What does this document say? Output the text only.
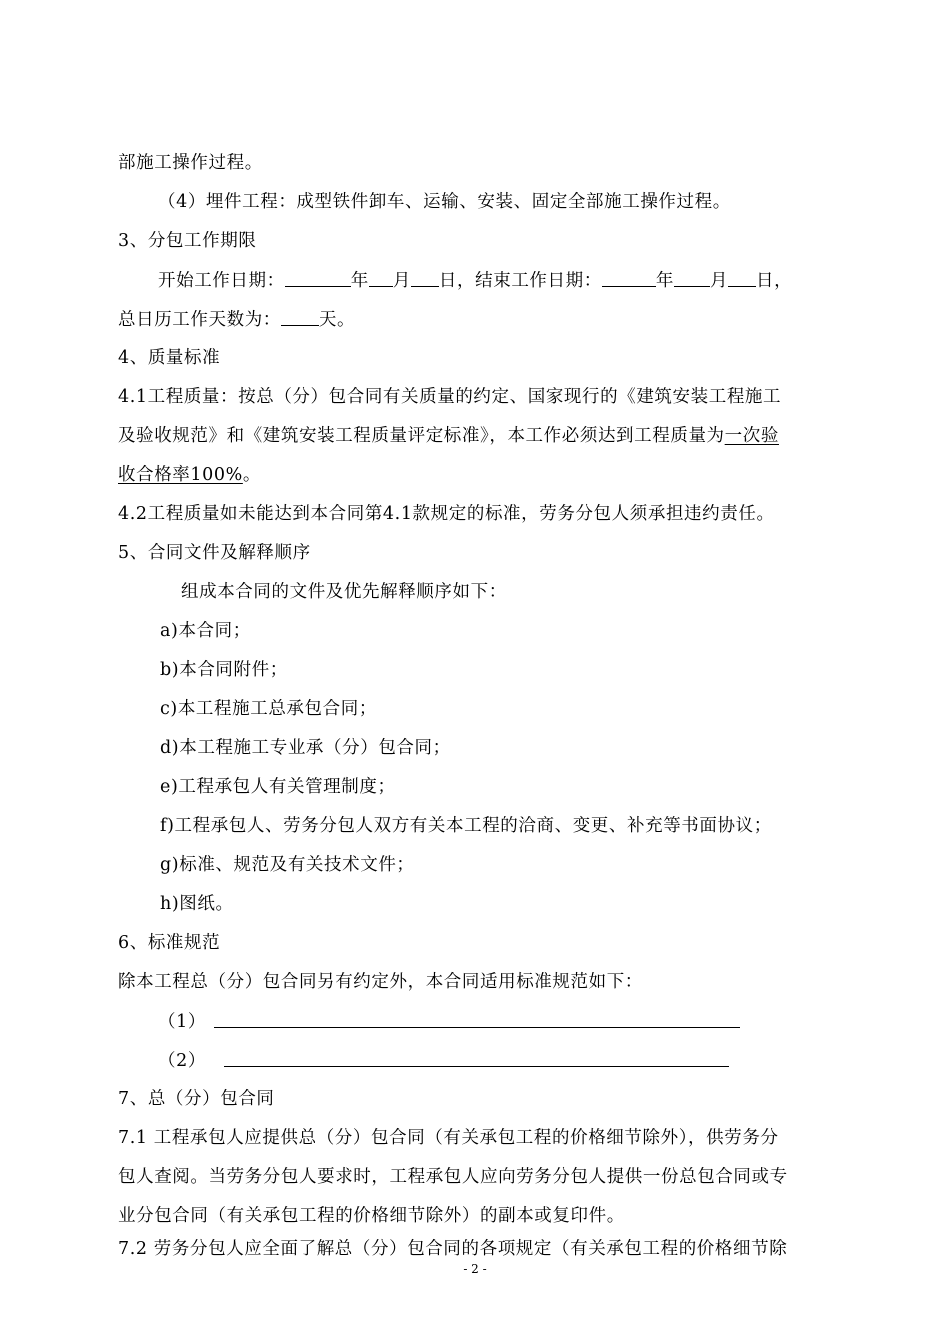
部施工操作过程。
（4）埋件工程：成型铁件卸车、运输、安装、固定全部施工操作过程。
3、分包工作期限
开始工作日期：	年 月 日，结束工作日期：	年 月 日，
总日历工作天数为： 天。
4、质量标准
4.1工程质量：按总（分）包合同有关质量的约定、国家现行的《建筑安装工程施工
及验收规范》和《建筑安装工程质量评定标准》，本工作必须达到工程质量为一次验
收合格率100%。
4.2工程质量如未能达到本合同第4.1款规定的标准，劳务分包人须承担违约责任。
5、合同文件及解释顺序
组成本合同的文件及优先解释顺序如下：
a)本合同；
b)本合同附件；
c)本工程施工总承包合同；
d)本工程施工专业承（分）包合同；
e)工程承包人有关管理制度；
f)工程承包人、劳务分包人双方有关本工程的洽商、变更、补充等书面协议；
g)标准、规范及有关技术文件；
h)图纸。
6、标准规范
除本工程总（分）包合同另有约定外，本合同适用标准规范如下：
（1）
（2）
7、总（分）包合同
7.1 工程承包人应提供总（分）包合同（有关承包工程的价格细节除外），供劳务分
包人查阅。当劳务分包人要求时，工程承包人应向劳务分包人提供一份总包合同或专
业分包合同（有关承包工程的价格细节除外）的副本或复印件。
7.2 劳务分包人应全面了解总（分）包合同的各项规定（有关承包工程的价格细节除
- 2 -
